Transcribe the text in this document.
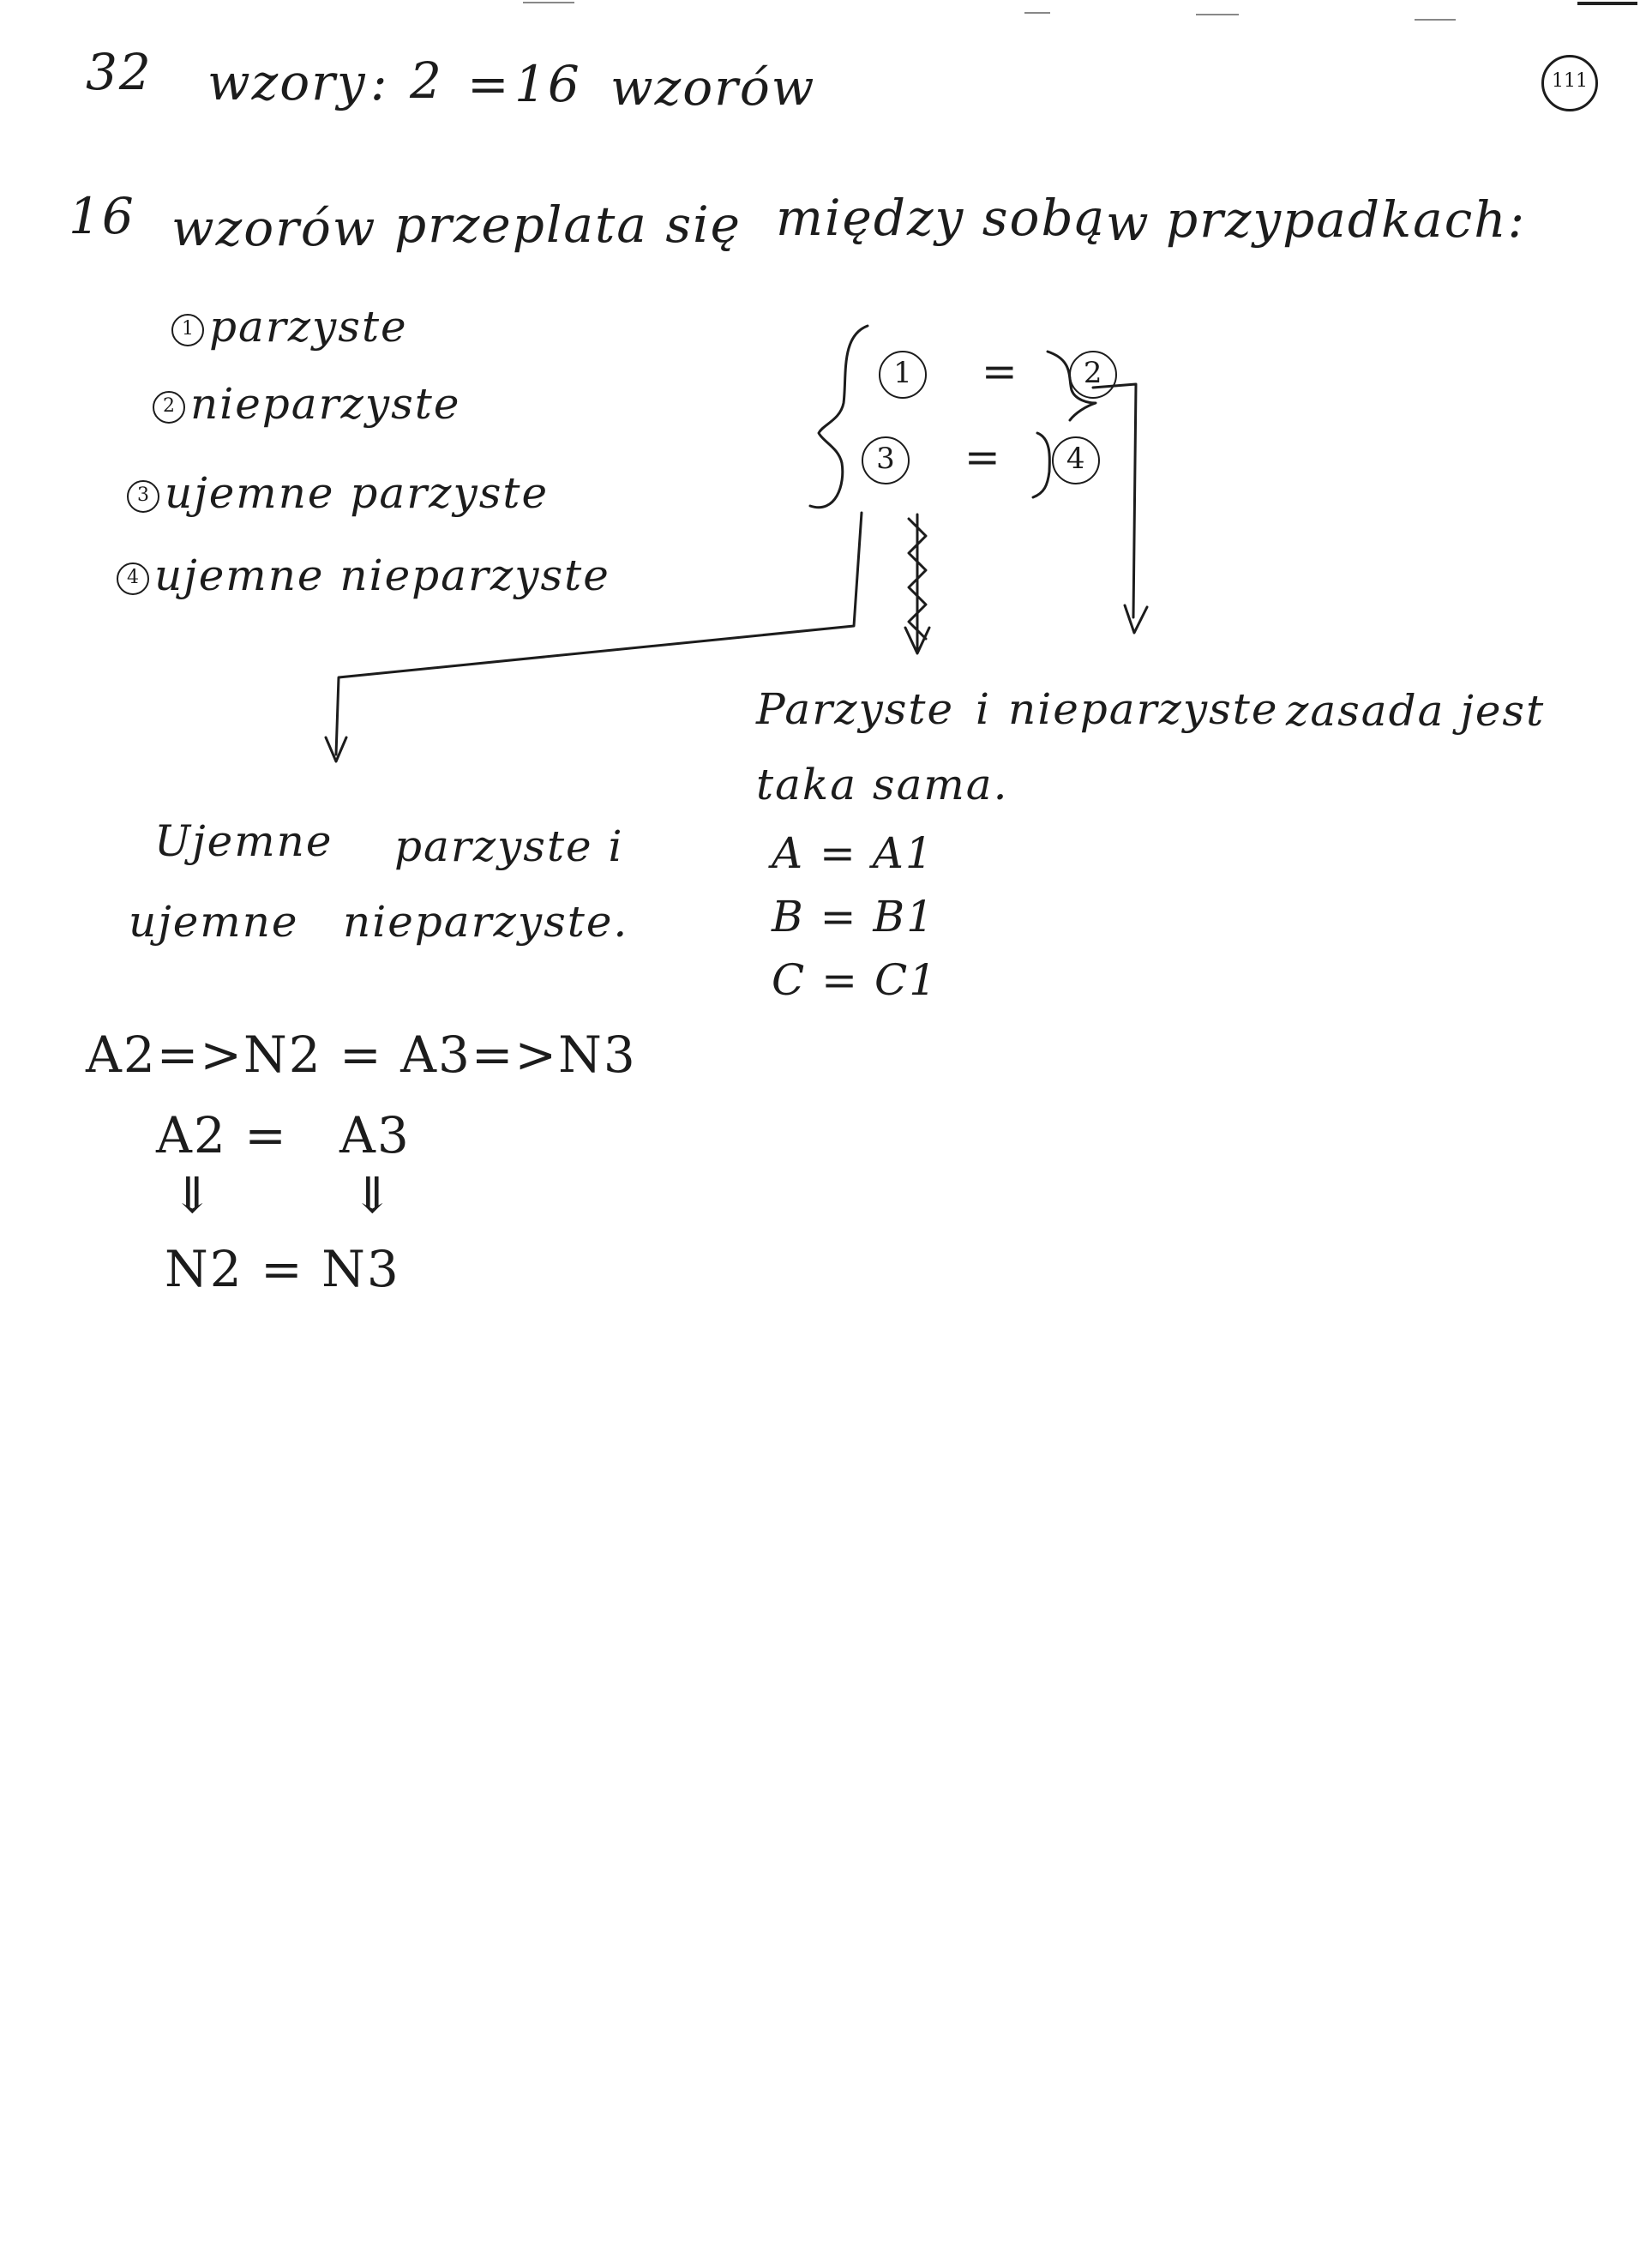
111
32 wzory : 2 = 16 wzorów
16 wzorów przeplata się między sobą w przypadkach:
1 parzyste
2 nieparzyste
3 ujemne parzyste
4 ujemne nieparzyste
1 = 2
3 = 4
Parzyste i nieparzyste zasada jest
taka sama.
A = A1
B = B1
C = C1
Ujemne parzyste i
ujemne nieparzyste.
A2=>N2 = A3=>N3
A2 = A3
⇓	⇓
N2 = N3
